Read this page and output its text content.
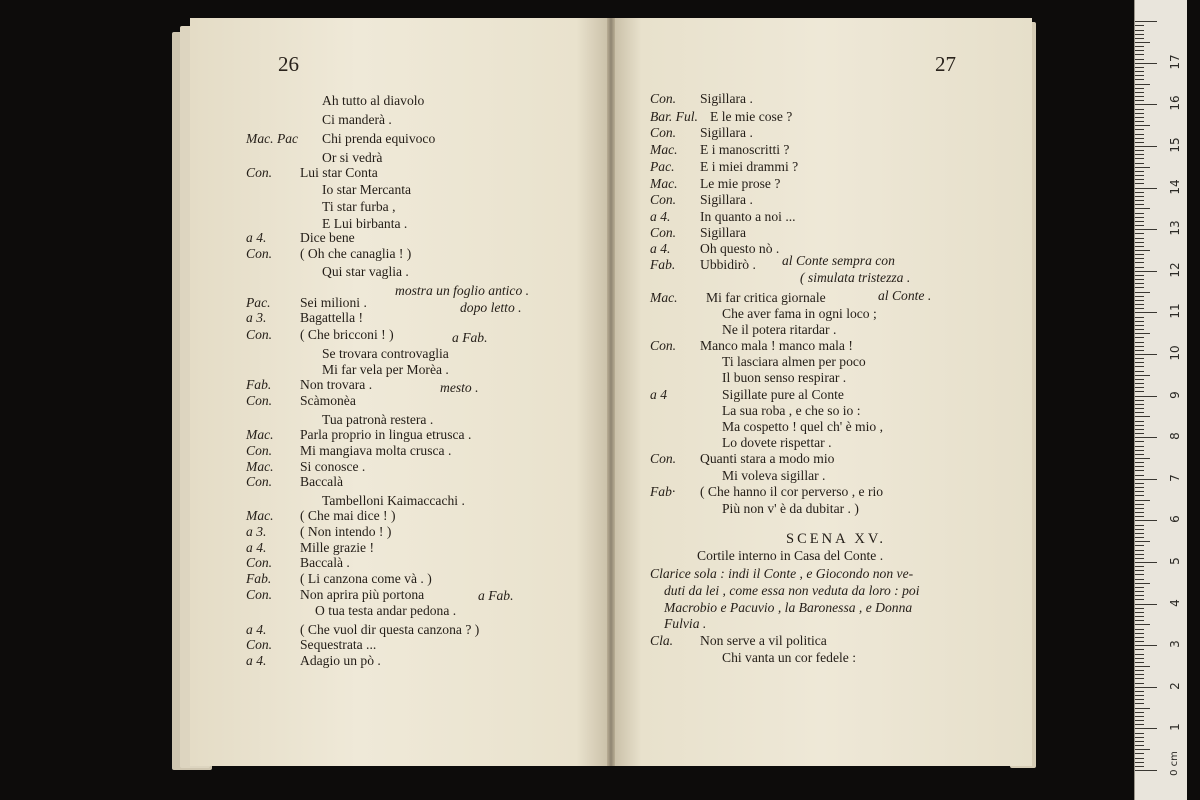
26	27
Ah tutto al diavolo
Ci manderà .
Mac. Pac Chi prenda equivoco
Or si vedrà
Con. Lui star Conta
Io star Mercanta
Ti star furba ,
E Lui birbanta .
a 4. Dice bene
Con. ( Oh che canaglia ! )
Qui star vaglia .
Pac. Sei milioni .
a 3. Bagattella !
Con. ( Che bricconi ! )
Se trovara controvaglia
Mi far vela per Morèa .
Fab. Non trovara .
Con. Scàmonèa
Tua patronà restera .
Mac. Parla proprio in lingua etrusca .
Con. Mi mangiava molta crusca .
Mac. Si conosce .
Con. Baccalà
Tambelloni Kaimaccachi .
Mac. ( Che mai dice ! )
a 3. ( Non intendo ! )
a 4. Mille grazie !
Con. Baccalà .
Fab. ( Li canzona come và . )
Con. Non aprira più portona
O tua testa andar pedona .
a 4. ( Che vuol dir questa canzona ? )
Con. Sequestrata ...
a 4. Adagio un pò .
mostra un foglio antico .
dopo letto .
a Fab.
mesto .
a Fab.
Con. Sigillara .
Bar. Ful. E le mie cose ?
Con. Sigillara .
Mac. E i manoscritti ?
Pac. E i miei drammi ?
Mac. Le mie prose ?
Con. Sigillara .
a 4. In quanto a noi ...
Con. Sigillara
a 4. Oh questo nò .
Fab. Ubbidirò .
Mac. Mi far critica giornale
Che aver fama in ogni loco ;
Ne il potera ritardar .
Con. Manco mala ! manco mala !
Ti lasciara almen per poco
Il buon senso respirar .
a 4	Sigillate pure al Conte
La sua roba , e che so io :
Ma cospetto ! quel ch' è mio ,
Lo dovete rispettar .
Con. Quanti stara a modo mio
Mi voleva sigillar .
Fab· ( Che hanno il cor perverso , e rio
Più non v' è da dubitar . )
Cla. Non serve a vil politica
Chi vanta un cor fedele :
al Conte sempra con
( simulata tristezza .
al Conte .
Clarice sola : indi il Conte , e Giocondo non ve-
duti da lei , come essa non veduta da loro : poi
Macrobio e Pacuvio , la Baronessa , e Donna
Fulvia .
SCENA XV.
Cortile interno in Casa del Conte .
0 cm
1
2
3
4
5
6
7
8
9
10
11
12
13
14
15
16
17
